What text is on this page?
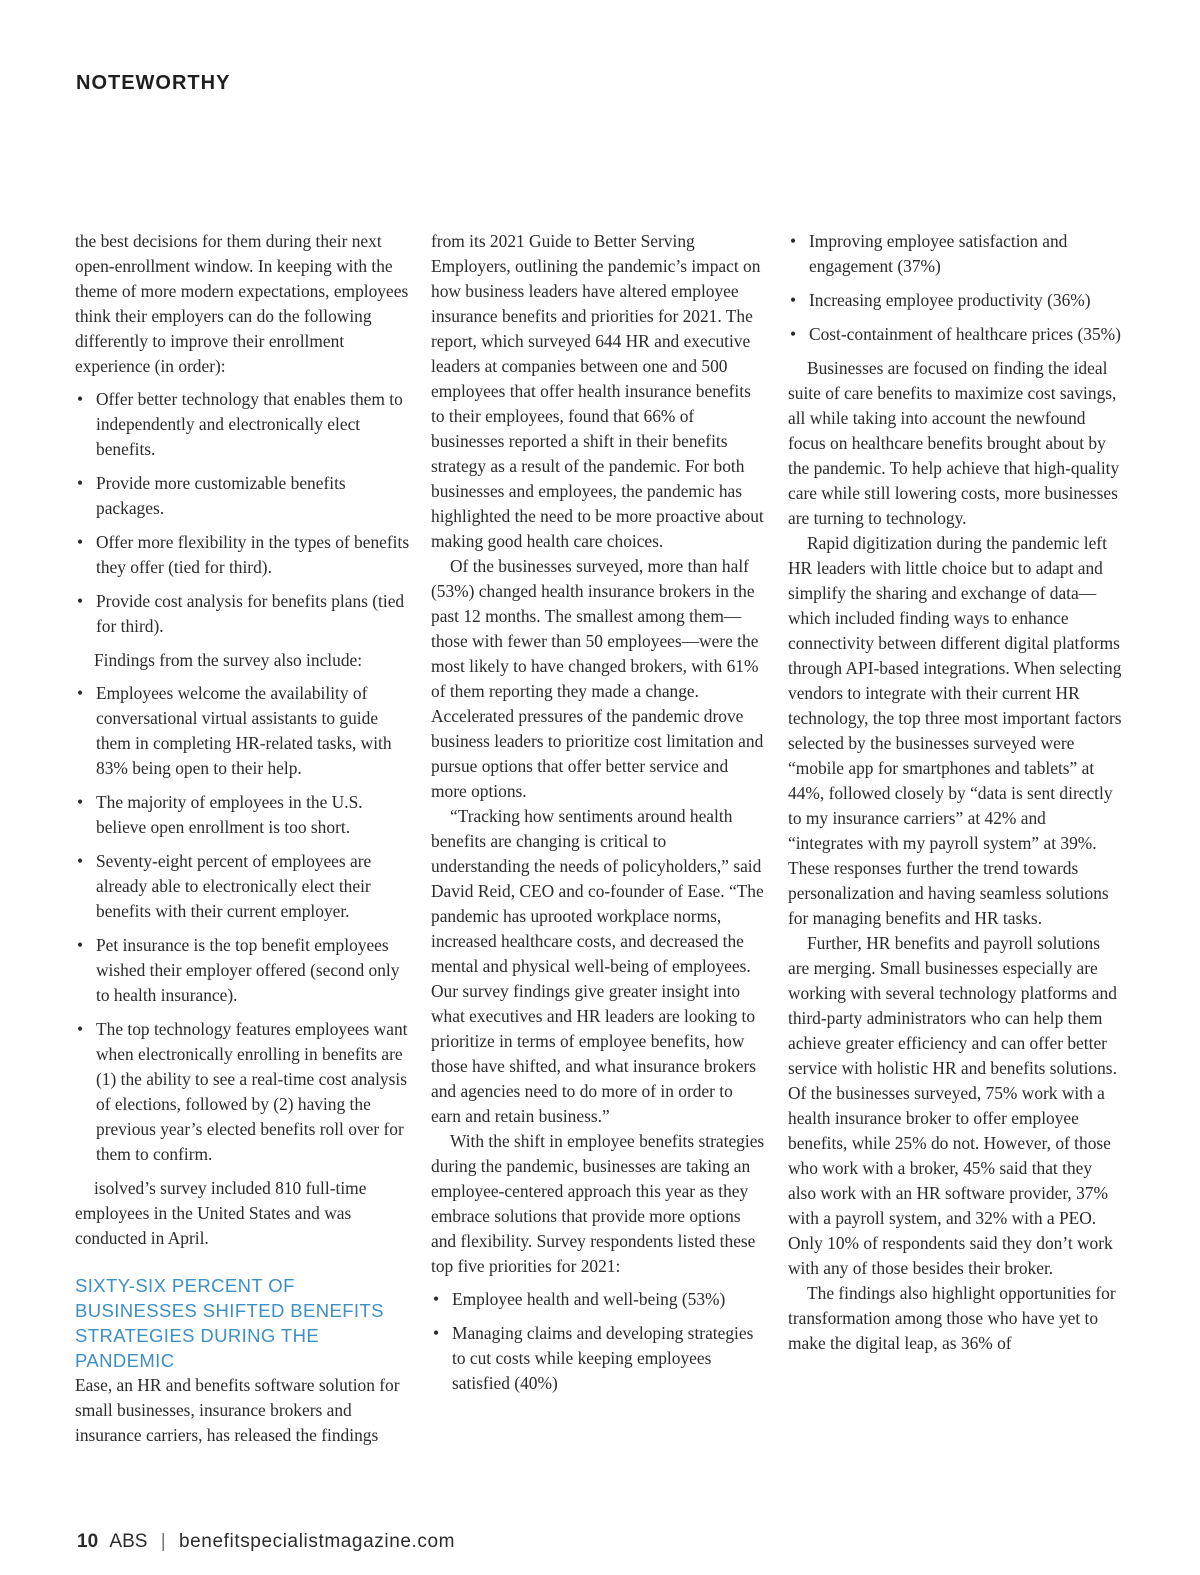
NOTEWORTHY

the best decisions for them during their next open-enrollment window. In keeping with the theme of more modern expectations, employees think their employers can do the following differently to improve their enrollment experience (in order):

• Offer better technology that enables them to independently and electronically elect benefits.
• Provide more customizable benefits packages.
• Offer more flexibility in the types of benefits they offer (tied for third).
• Provide cost analysis for benefits plans (tied for third).

Findings from the survey also include:

• Employees welcome the availability of conversational virtual assistants to guide them in completing HR-related tasks, with 83% being open to their help.
• The majority of employees in the U.S. believe open enrollment is too short.
• Seventy-eight percent of employees are already able to electronically elect their benefits with their current employer.
• Pet insurance is the top benefit employees wished their employer offered (second only to health insurance).
• The top technology features employees want when electronically enrolling in benefits are (1) the ability to see a real-time cost analysis of elections, followed by (2) having the previous year’s elected benefits roll over for them to confirm.

isolved’s survey included 810 full-time employees in the United States and was conducted in April.

SIXTY-SIX PERCENT OF BUSINESSES SHIFTED BENEFITS STRATEGIES DURING THE PANDEMIC

Ease, an HR and benefits software solution for small businesses, insurance brokers and insurance carriers, has released the findings

from its 2021 Guide to Better Serving Employers, outlining the pandemic’s impact on how business leaders have altered employee insurance benefits and priorities for 2021. The report, which surveyed 644 HR and executive leaders at companies between one and 500 employees that offer health insurance benefits to their employees, found that 66% of businesses reported a shift in their benefits strategy as a result of the pandemic. For both businesses and employees, the pandemic has highlighted the need to be more proactive about making good health care choices.

Of the businesses surveyed, more than half (53%) changed health insurance brokers in the past 12 months. The smallest among them—those with fewer than 50 employees—were the most likely to have changed brokers, with 61% of them reporting they made a change. Accelerated pressures of the pandemic drove business leaders to prioritize cost limitation and pursue options that offer better service and more options.

“Tracking how sentiments around health benefits are changing is critical to understanding the needs of policyholders,” said David Reid, CEO and co-founder of Ease. “The pandemic has uprooted workplace norms, increased healthcare costs, and decreased the mental and physical well-being of employees. Our survey findings give greater insight into what executives and HR leaders are looking to prioritize in terms of employee benefits, how those have shifted, and what insurance brokers and agencies need to do more of in order to earn and retain business.”

With the shift in employee benefits strategies during the pandemic, businesses are taking an employee-centered approach this year as they embrace solutions that provide more options and flexibility. Survey respondents listed these top five priorities for 2021:

• Employee health and well-being (53%)
• Managing claims and developing strategies to cut costs while keeping employees satisfied (40%)
• Improving employee satisfaction and engagement (37%)
• Increasing employee productivity (36%)
• Cost-containment of healthcare prices (35%)

Businesses are focused on finding the ideal suite of care benefits to maximize cost savings, all while taking into account the newfound focus on healthcare benefits brought about by the pandemic. To help achieve that high-quality care while still lowering costs, more businesses are turning to technology.

Rapid digitization during the pandemic left HR leaders with little choice but to adapt and simplify the sharing and exchange of data—which included finding ways to enhance connectivity between different digital platforms through API-based integrations. When selecting vendors to integrate with their current HR technology, the top three most important factors selected by the businesses surveyed were “mobile app for smartphones and tablets” at 44%, followed closely by “data is sent directly to my insurance carriers” at 42% and “integrates with my payroll system” at 39%. These responses further the trend towards personalization and having seamless solutions for managing benefits and HR tasks.

Further, HR benefits and payroll solutions are merging. Small businesses especially are working with several technology platforms and third-party administrators who can help them achieve greater efficiency and can offer better service with holistic HR and benefits solutions. Of the businesses surveyed, 75% work with a health insurance broker to offer employee benefits, while 25% do not. However, of those who work with a broker, 45% said that they also work with an HR software provider, 37% with a payroll system, and 32% with a PEO. Only 10% of respondents said they don’t work with any of those besides their broker.

The findings also highlight opportunities for transformation among those who have yet to make the digital leap, as 36% of

10 ABS | benefitspecialistmagazine.com
